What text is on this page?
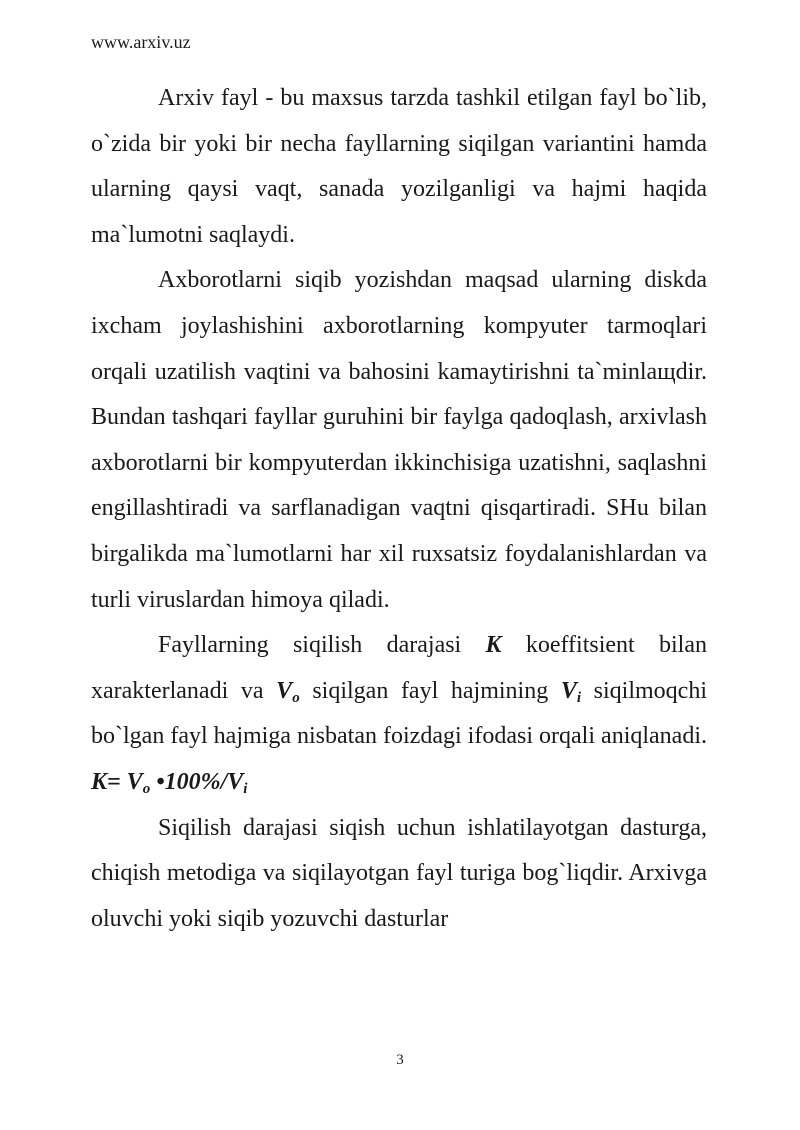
www.arxiv.uz

Arxiv fayl - bu maxsus tarzda tashkil etilgan fayl bo`lib, o`zida bir yoki bir necha fayllarning siqilgan variantini hamda ularning qaysi vaqt, sanada yozilganligi va hajmi haqida ma`lumotni saqlaydi.

Axborotlarni siqib yozishdan maqsad ularning diskda ixcham joylashishini axborotlarning kompyuter tarmoqlari orqali uzatilish vaqtini va bahosini kamaytirishni ta`minlaщdir. Bundan tashqari fayllar guruhini bir faylga qadoqlash, arxivlash axborotlarni bir kompyuterdan ikkinchisiga uzatishni, saqlashni engillashtiradi va sarflanadigan vaqtni qisqartiradi. SHu bilan birgalikda ma`lumotlarni har xil ruxsatsiz foydalanishlardan va turli viruslardan himoya qiladi.

Fayllarning siqilish darajasi K koeffitsient bilan xarakterlanadi va $V_o$ siqilgan fayl hajmining $V_i$ siqilmoqchi bo`lgan fayl hajmiga nisbatan foizdagi ifodasi orqali aniqlanadi. $K= V_o$ $•100\%/V_i$

Siqilish darajasi siqish uchun ishlatilayotgan dasturga, chiqish metodiga va siqilayotgan fayl turiga bog`liqdir. Arxivga oluvchi yoki siqib yozuvchi dasturlar

3
